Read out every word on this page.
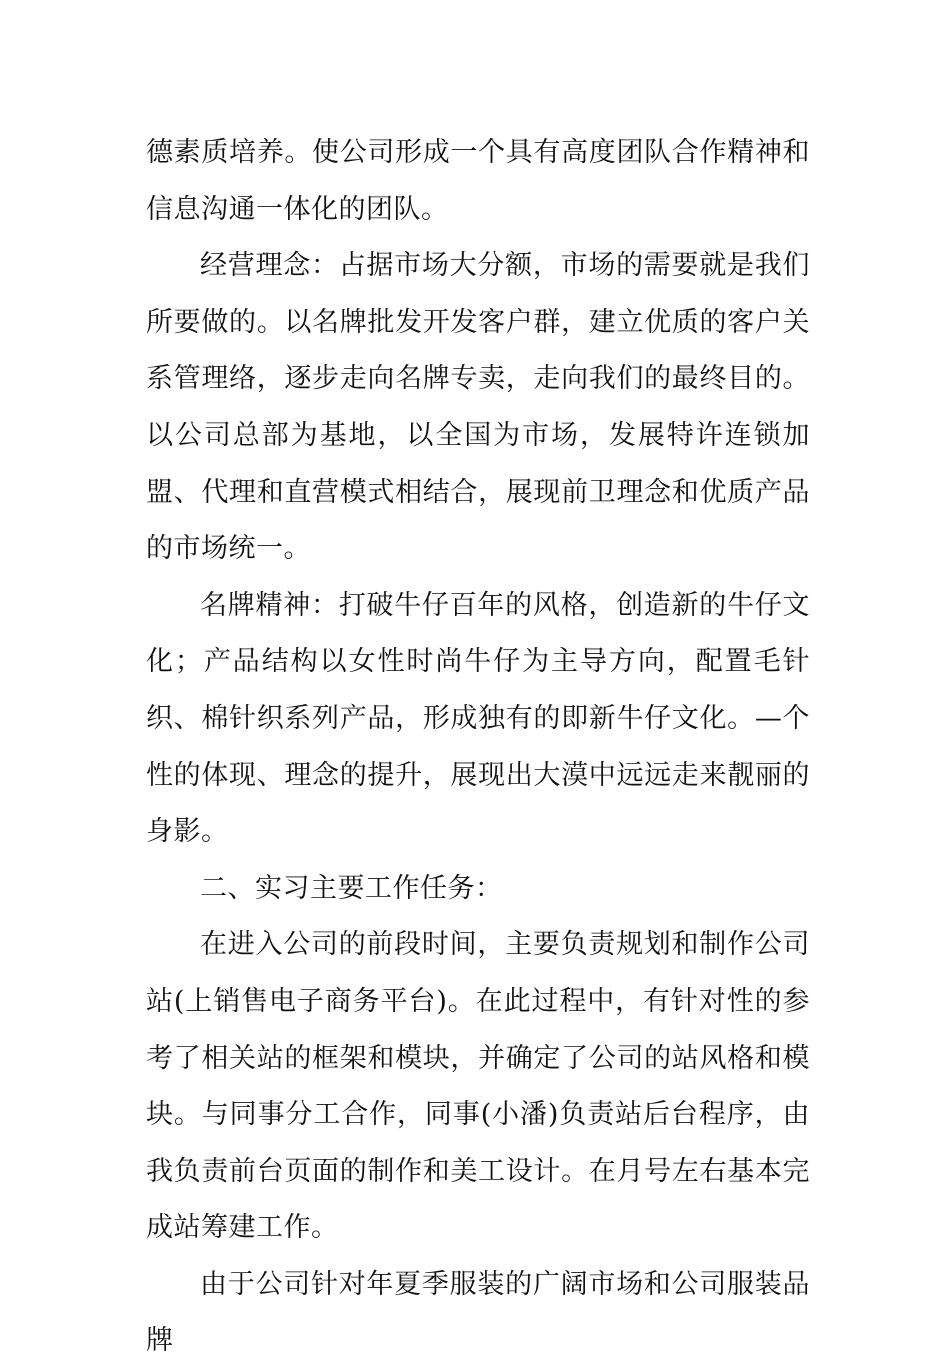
德素质培养。使公司形成一个具有高度团队合作精神和信息沟通一体化的团队。

经营理念：占据市场大分额，市场的需要就是我们所要做的。以名牌批发开发客户群，建立优质的客户关系管理络，逐步走向名牌专卖，走向我们的最终目的。以公司总部为基地，以全国为市场，发展特许连锁加盟、代理和直营模式相结合，展现前卫理念和优质产品的市场统一。

名牌精神：打破牛仔百年的风格，创造新的牛仔文化；产品结构以女性时尚牛仔为主导方向，配置毛针织、棉针织系列产品，形成独有的即新牛仔文化。—个性的体现、理念的提升，展现出大漠中远远走来靓丽的身影。

二、实习主要工作任务：

在进入公司的前段时间，主要负责规划和制作公司站(上销售电子商务平台)。在此过程中，有针对性的参考了相关站的框架和模块，并确定了公司的站风格和模块。与同事分工合作，同事(小潘)负责站后台程序，由我负责前台页面的制作和美工设计。在月号左右基本完成站筹建工作。

由于公司针对年夏季服装的广阔市场和公司服装品牌
